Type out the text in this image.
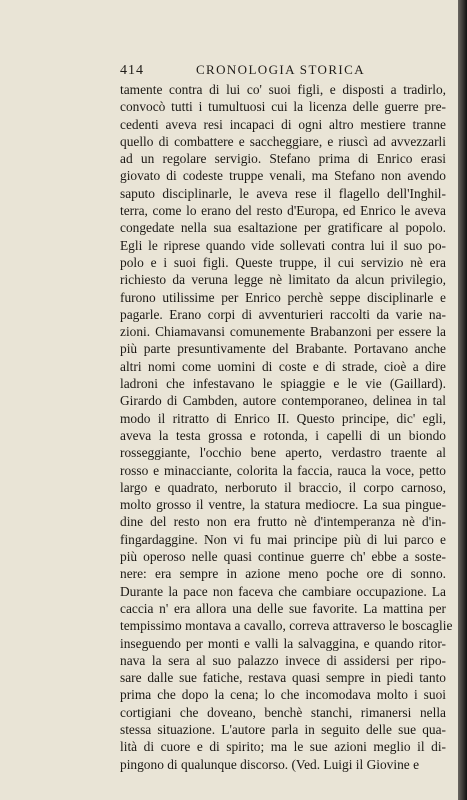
414	CRONOLOGIA STORICA
tamente contra di lui co' suoi figli, e disposti a tradirlo,
convocò tutti i tumultuosi cui la licenza delle guerre pre-
cedenti aveva resi incapaci di ogni altro mestiere tranne
quello di combattere e saccheggiare, e riuscì ad avvezzarli
ad un regolare servigio. Stefano prima di Enrico erasi
giovato di codeste truppe venali, ma Stefano non avendo
saputo disciplinarle, le aveva rese il flagello dell'Inghil-
terra, come lo erano del resto d'Europa, ed Enrico le aveva
congedate nella sua esaltazione per gratificare al popolo.
Egli le riprese quando vide sollevati contra lui il suo po-
polo e i suoi figli. Queste truppe, il cui servizio nè era
richiesto da veruna legge nè limitato da alcun privilegio,
furono utilissime per Enrico perchè seppe disciplinarle e
pagarle. Erano corpi di avventurieri raccolti da varie na-
zioni. Chiamavansi comunemente Brabanzoni per essere la
più parte presuntivamente del Brabante. Portavano anche
altri nomi come uomini di coste e di strade, cioè a dire
ladroni che infestavano le spiaggie e le vie (Gaillard).
Girardo di Cambden, autore contemporaneo, delinea in tal
modo il ritratto di Enrico II. Questo principe, dic' egli,
aveva la testa grossa e rotonda, i capelli di un biondo
rosseggiante, l'occhio bene aperto, verdastro traente al
rosso e minacciante, colorita la faccia, rauca la voce, petto
largo e quadrato, nerboruto il braccio, il corpo carnoso,
molto grosso il ventre, la statura mediocre. La sua pingue-
dine del resto non era frutto nè d'intemperanza nè d'in-
fingardaggine. Non vi fu mai principe più di lui parco e
più operoso nelle quasi continue guerre ch' ebbe a soste-
nere: era sempre in azione meno poche ore di sonno.
Durante la pace non faceva che cambiare occupazione. La
caccia n' era allora una delle sue favorite. La mattina per
tempissimo montava a cavallo, correva attraverso le boscaglie
inseguendo per monti e valli la salvaggina, e quando ritor-
nava la sera al suo palazzo invece di assidersi per ripo-
sare dalle sue fatiche, restava quasi sempre in piedi tanto
prima che dopo la cena; lo che incomodava molto i suoi
cortigiani che doveano, benchè stanchi, rimanersi nella
stessa situazione. L'autore parla in seguito delle sue qua-
lità di cuore e di spirito; ma le sue azioni meglio il di-
pingono di qualunque discorso. (Ved. Luigi il Giovine e
